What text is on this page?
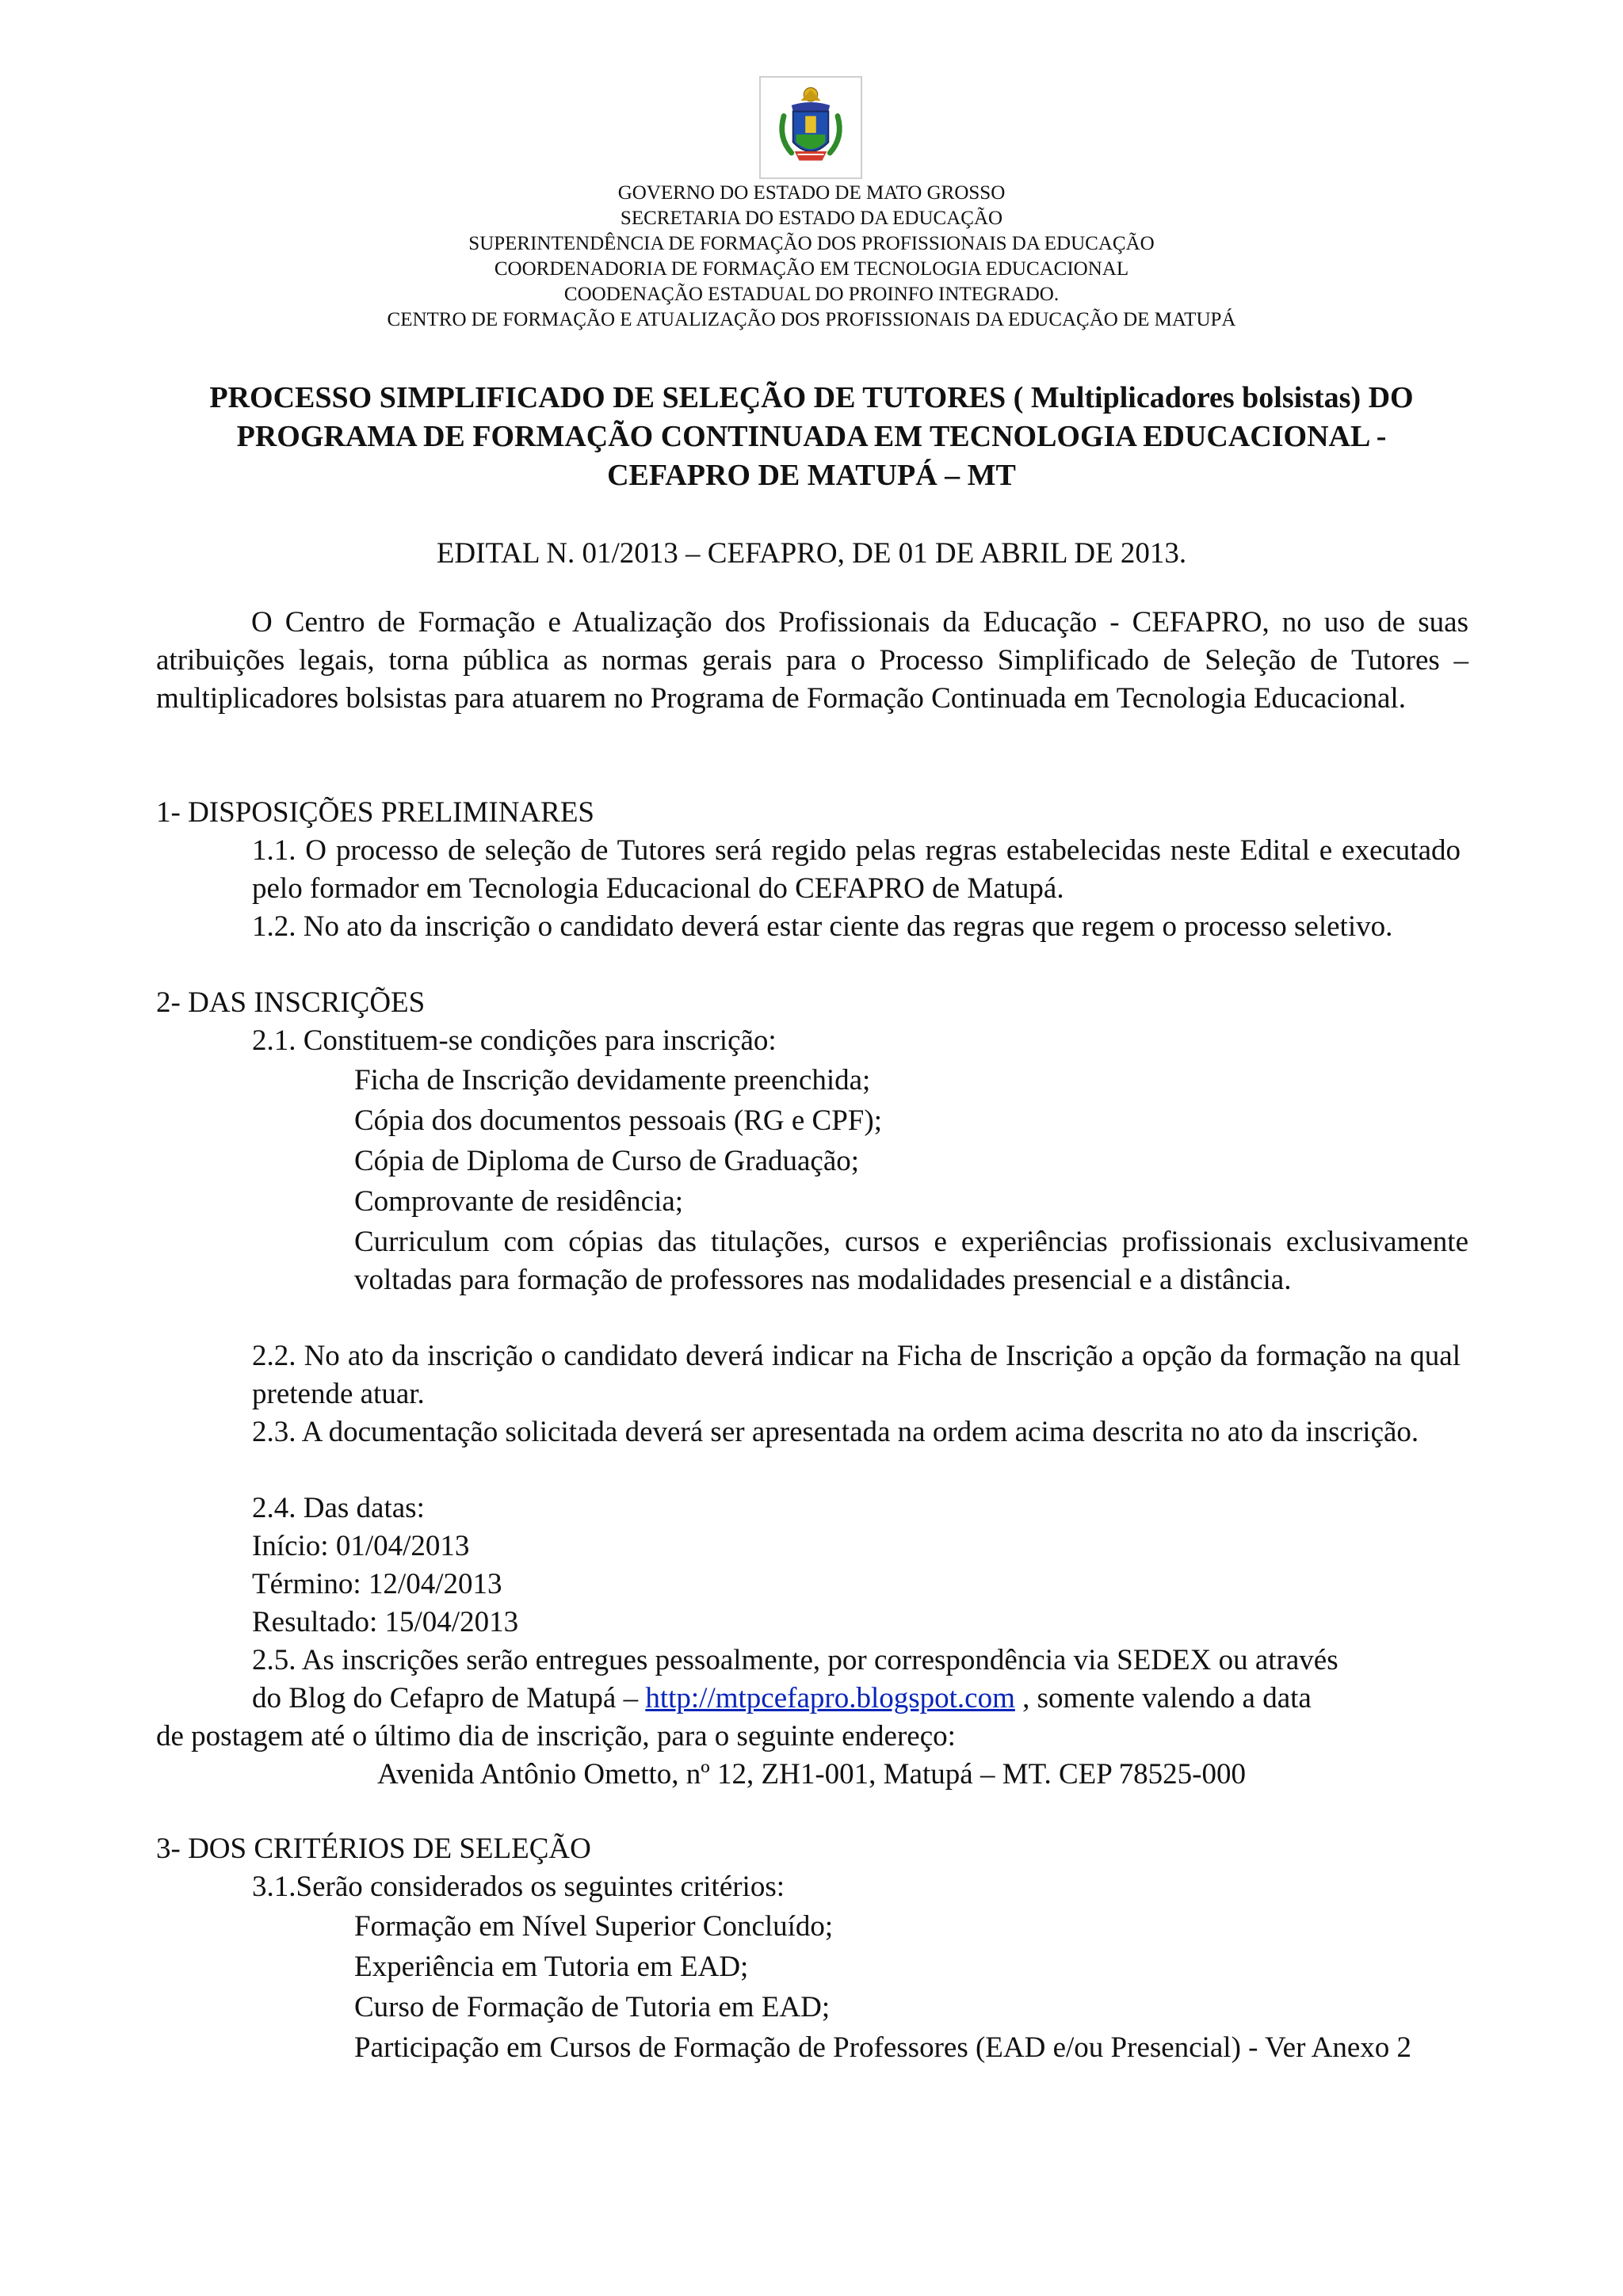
GOVERNO DO ESTADO DE MATO GROSSO
SECRETARIA DO ESTADO DA EDUCAÇÃO
SUPERINTENDÊNCIA DE FORMAÇÃO DOS PROFISSIONAIS DA EDUCAÇÃO
COORDENADORIA DE FORMAÇÃO EM TECNOLOGIA EDUCACIONAL
COODENAÇÃO ESTADUAL DO PROINFO INTEGRADO.
CENTRO DE FORMAÇÃO E ATUALIZAÇÃO DOS PROFISSIONAIS DA EDUCAÇÃO DE MATUPÁ
PROCESSO SIMPLIFICADO DE SELEÇÃO DE TUTORES ( Multiplicadores bolsistas) DO
PROGRAMA DE FORMAÇÃO CONTINUADA EM TECNOLOGIA EDUCACIONAL -
CEFAPRO DE MATUPÁ – MT
EDITAL N. 01/2013 – CEFAPRO, DE 01 DE ABRIL DE 2013.
O Centro de Formação e Atualização dos Profissionais da Educação - CEFAPRO, no uso de suas atribuições legais, torna pública as normas gerais para o Processo Simplificado de Seleção de Tutores – multiplicadores bolsistas para atuarem no Programa de Formação Continuada em Tecnologia Educacional.
1- DISPOSIÇÕES PRELIMINARES
1.1. O processo de seleção de Tutores será regido pelas regras estabelecidas neste Edital e executado pelo formador em Tecnologia Educacional do CEFAPRO de Matupá.
1.2. No ato da inscrição o candidato deverá estar ciente das regras que regem o processo seletivo.
2- DAS INSCRIÇÕES
2.1. Constituem-se condições para inscrição:
Ficha de Inscrição devidamente preenchida;
Cópia dos documentos pessoais (RG e CPF);
Cópia de Diploma de Curso de Graduação;
Comprovante de residência;
Curriculum com cópias das titulações, cursos e experiências profissionais exclusivamente voltadas para formação de professores nas modalidades presencial e a distância.
2.2. No ato da inscrição o candidato deverá indicar na Ficha de Inscrição a opção da formação na qual pretende atuar.
2.3. A documentação solicitada deverá ser apresentada na ordem acima descrita no ato da inscrição.
2.4. Das datas:
Início: 01/04/2013
Término: 12/04/2013
Resultado: 15/04/2013
2.5. As inscrições serão entregues pessoalmente, por correspondência via SEDEX ou através
do Blog do Cefapro de Matupá – http://mtpcefapro.blogspot.com , somente valendo a data
de postagem até o último dia de inscrição, para o seguinte endereço:
Avenida Antônio Ometto, nº 12, ZH1-001, Matupá – MT. CEP 78525-000
3- DOS CRITÉRIOS DE SELEÇÃO
3.1.Serão considerados os seguintes critérios:
Formação em Nível Superior Concluído;
Experiência em Tutoria em EAD;
Curso de Formação de Tutoria em EAD;
Participação em Cursos de Formação de Professores (EAD e/ou Presencial) - Ver Anexo 2
